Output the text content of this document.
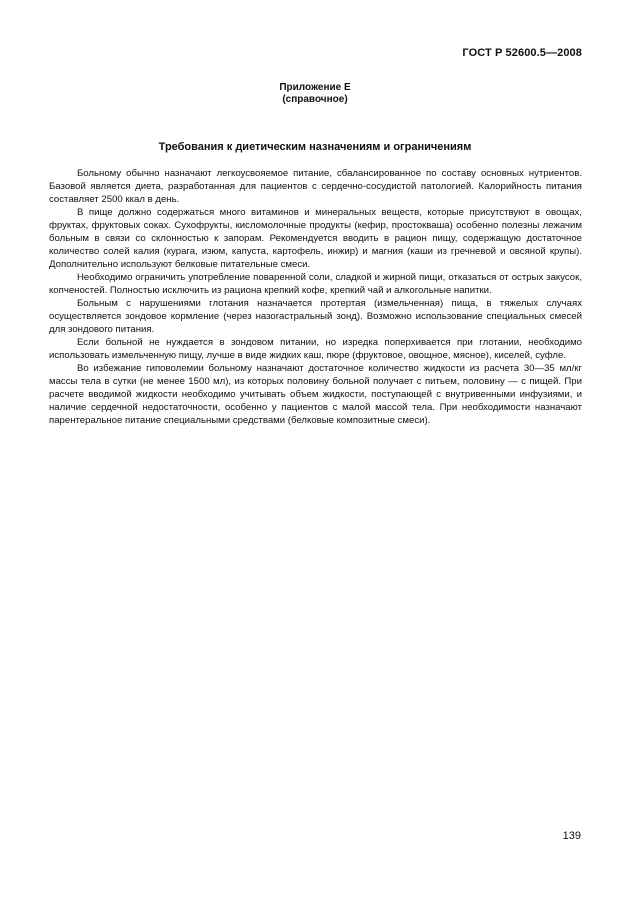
ГОСТ Р 52600.5—2008
Приложение Е
(справочное)
Требования к диетическим назначениям и ограничениям

Больному обычно назначают легкоусвояемое питание, сбалансированное по составу основных нутриентов. Базовой является диета, разработанная для пациентов с сердечно-сосудистой патологией. Калорийность питания составляет 2500 ккал в день.

В пище должно содержаться много витаминов и минеральных веществ, которые присутствуют в овощах, фруктах, фруктовых соках. Сухофрукты, кисломолочные продукты (кефир, простокваша) особенно полезны лежачим больным в связи со склонностью к запорам. Рекомендуется вводить в рацион пищу, содержащую достаточное количество солей калия (курага, изюм, капуста, картофель, инжир) и магния (каши из гречневой и овсяной крупы). Дополнительно используют белковые питательные смеси.

Необходимо ограничить употребление поваренной соли, сладкой и жирной пищи, отказаться от острых закусок, копченостей. Полностью исключить из рациона крепкий кофе, крепкий чай и алкогольные напитки.

Больным с нарушениями глотания назначается протертая (измельченная) пища, в тяжелых случаях осуществляется зондовое кормление (через назогастральный зонд). Возможно использование специальных смесей для зондового питания.

Если больной не нуждается в зондовом питании, но изредка поперхивается при глотании, необходимо использовать измельченную пищу, лучше в виде жидких каш, пюре (фруктовое, овощное, мясное), киселей, суфле.

Во избежание гиповолемии больному назначают достаточное количество жидкости из расчета 30—35 мл/кг массы тела в сутки (не менее 1500 мл), из которых половину больной получает с питьем, половину — с пищей. При расчете вводимой жидкости необходимо учитывать объем жидкости, поступающей с внутривенными инфузиями, и наличие сердечной недостаточности, особенно у пациентов с малой массой тела. При необходимости назначают парентеральное питание специальными средствами (белковые композитные смеси).

139
